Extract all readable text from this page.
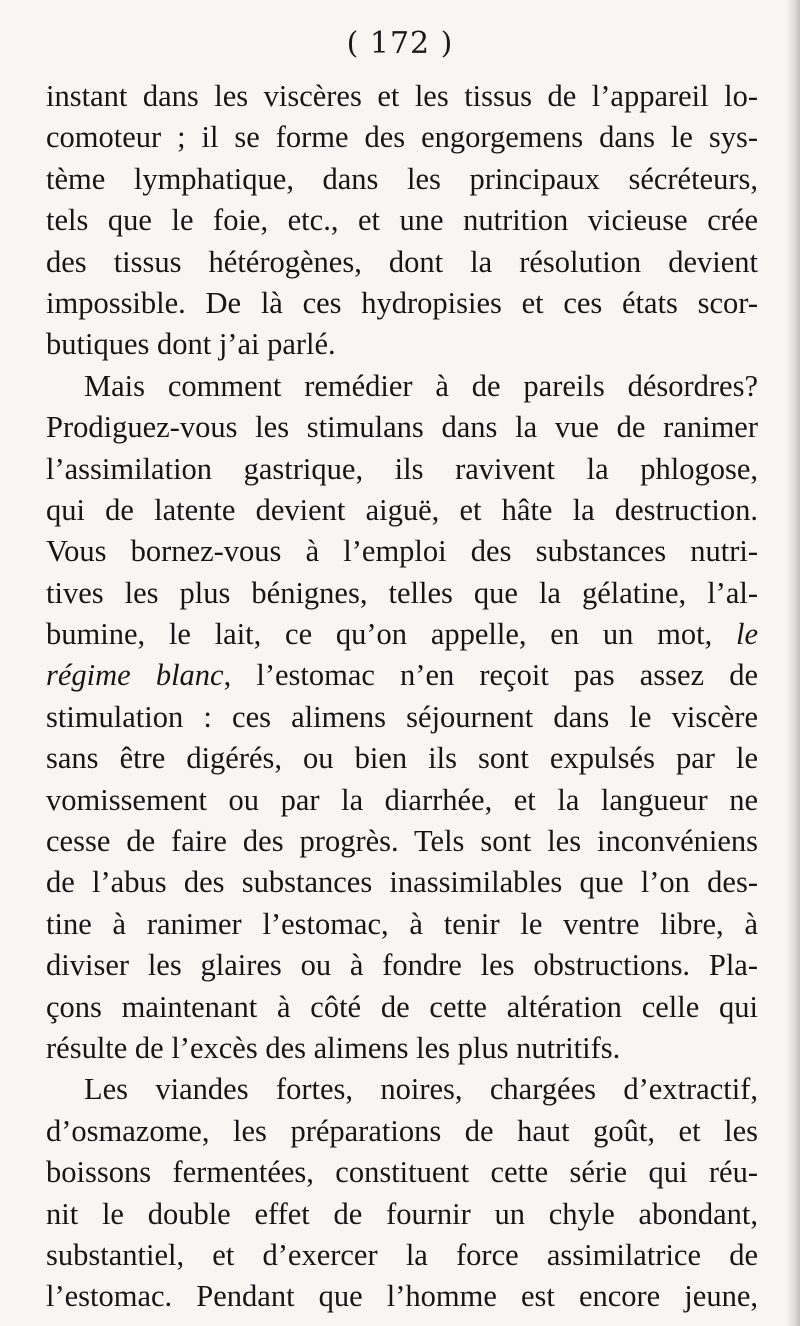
( 172 )

instant dans les viscères et les tissus de l’appareil lo-
comoteur ; il se forme des engorgemens dans le sys-
tème lymphatique, dans les principaux sécréteurs,
tels que le foie, etc., et une nutrition vicieuse crée
des tissus hétérogènes, dont la résolution devient
impossible. De là ces hydropisies et ces états scor-
butiques dont j’ai parlé.
Mais comment remédier à de pareils désordres?
Prodiguez-vous les stimulans dans la vue de ranimer
l’assimilation gastrique, ils ravivent la phlogose,
qui de latente devient aiguë, et hâte la destruction.
Vous bornez-vous à l’emploi des substances nutri-
tives les plus bénignes, telles que la gélatine, l’al-
bumine, le lait, ce qu’on appelle, en un mot, le
régime blanc, l’estomac n’en reçoit pas assez de
stimulation : ces alimens séjournent dans le viscère
sans être digérés, ou bien ils sont expulsés par le
vomissement ou par la diarrhée, et la langueur ne
cesse de faire des progrès. Tels sont les inconvéniens
de l’abus des substances inassimilables que l’on des-
tine à ranimer l’estomac, à tenir le ventre libre, à
diviser les glaires ou à fondre les obstructions. Pla-
çons maintenant à côté de cette altération celle qui
résulte de l’excès des alimens les plus nutritifs.
Les viandes fortes, noires, chargées d’extractif,
d’osmazome, les préparations de haut goût, et les
boissons fermentées, constituent cette série qui réu-
nit le double effet de fournir un chyle abondant,
substantiel, et d’exercer la force assimilatrice de
l’estomac. Pendant que l’homme est encore jeune,
